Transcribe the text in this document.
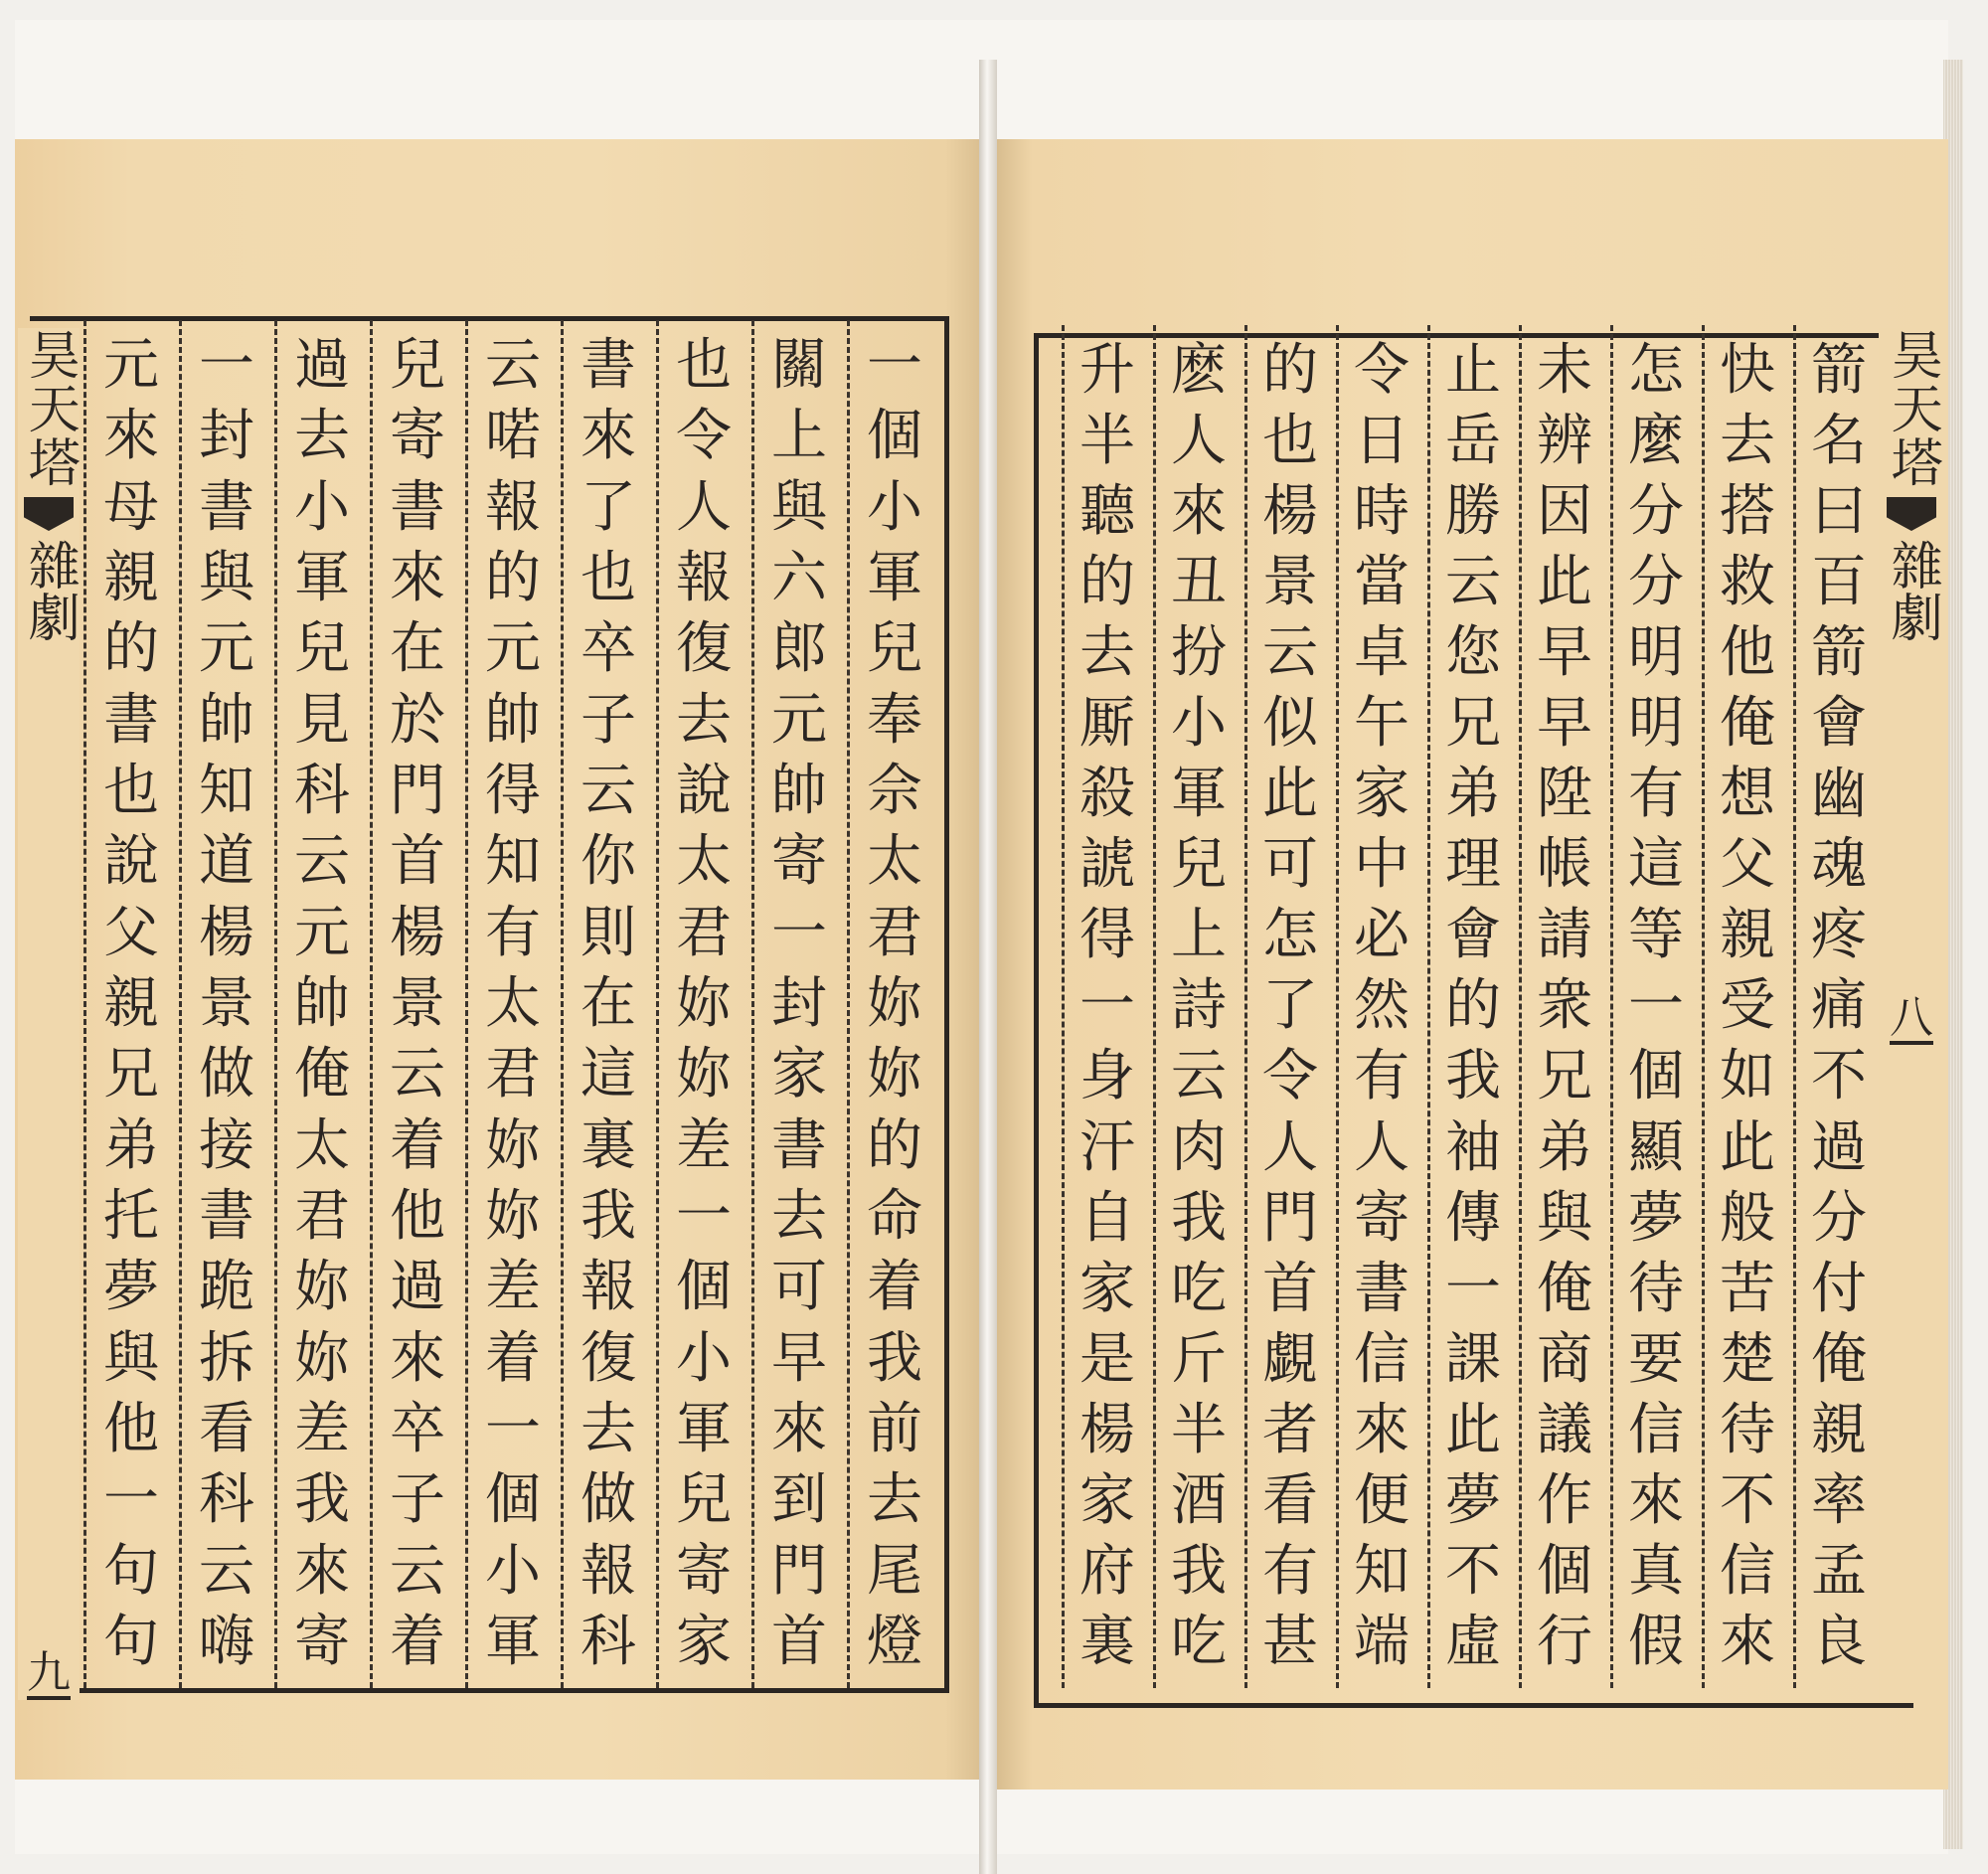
昊天塔
雜劇
九
一
個
小
軍
兒
奉
佘
太
君
妳
妳
的
命
着
我
前
去
尾
燈
關
上
與
六
郎
元
帥
寄
一
封
家
書
去
可
早
來
到
門
首
也
令
人
報
復
去
說
太
君
妳
妳
差
一
個
小
軍
兒
寄
家
書
來
了
也
卒
子
云
你
則
在
這
裏
我
報
復
去
做
報
科
云
喏
報
的
元
帥
得
知
有
太
君
妳
妳
差
着
一
個
小
軍
兒
寄
書
來
在
於
門
首
楊
景
云
着
他
過
來
卒
子
云
着
過
去
小
軍
兒
見
科
云
元
帥
俺
太
君
妳
妳
差
我
來
寄
一
封
書
與
元
帥
知
道
楊
景
做
接
書
跪
拆
看
科
云
嗨
元
來
母
親
的
書
也
說
父
親
兄
弟
托
夢
與
他
一
句
句
昊天塔
雜劇
八
箭
名
曰
百
箭
會
幽
魂
疼
痛
不
過
分
付
俺
親
率
孟
良
快
去
搭
救
他
俺
想
父
親
受
如
此
般
苦
楚
待
不
信
來
怎
麼
分
分
明
明
有
這
等
一
個
顯
夢
待
要
信
來
真
假
未
辨
因
此
早
早
陞
帳
請
衆
兄
弟
與
俺
商
議
作
個
行
止
岳
勝
云
您
兄
弟
理
會
的
我
袖
傳
一
課
此
夢
不
虛
令
日
時
當
卓
午
家
中
必
然
有
人
寄
書
信
來
便
知
端
的
也
楊
景
云
似
此
可
怎
了
令
人
門
首
覷
者
看
有
甚
麽
人
來
丑
扮
小
軍
兒
上
詩
云
肉
我
吃
斤
半
酒
我
吃
升
半
聽
的
去
厮
殺
諕
得
一
身
汗
自
家
是
楊
家
府
裏
